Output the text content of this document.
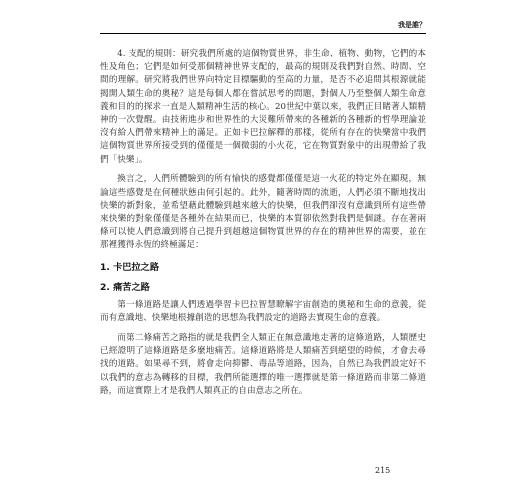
我是誰？

4. 支配的規則：研究我們所處的這個物質世界，非生命、植物、動物，它們的本性及角色；它們是如何受那個精神世界支配的，最高的規則及我們對自然、時間、空間的理解。研究將我們世界向特定目標驅動的至高的力量，是否不必追問其根源就能揭開人類生命的奧秘？這是每個人都在嘗試思考的問題，對個人乃至整個人類生命意義和目的的探求一直是人類精神生活的核心。20世紀中葉以來，我們正目睹著人類精神的一次覺醒。由技術進步和世界性的大災難所帶來的各種新的各種新的哲學理論並沒有給人們帶來精神上的滿足。正如卡巴拉解釋的那樣，從所有存在的快樂當中我們這個物質世界所接受到的僅僅是一個微弱的小火花，它在物質對象中的出現帶給了我們「快樂」。

換言之，人們所體驗到的所有愉快的感覺都僅僅是這一火花的特定外在顯現，無論這些感覺是在何種狀態由何引起的。此外，隨著時間的流逝，人們必須不斷地找出快樂的新對象，並希望藉此體驗到越來越大的快樂，但我們卻沒有意識到所有這些帶來快樂的對象僅僅是各種外在結果而已，快樂的本質卻依然對我們是個謎。存在著兩條可以使人們意識到將自己提升到超越這個物質世界的存在的精神世界的需要，並在那裡獲得永恆的終極滿足：

1. 卡巴拉之路
2. 痛苦之路

第一條道路是讓人們透過學習卡巴拉智慧瞭解宇宙創造的奧秘和生命的意義，從而有意識地、快樂地根據創造的思想為我們設定的道路去實現生命的意義。

而第二條痛苦之路指的就是我們全人類正在無意識地走著的這條道路，人類歷史已經證明了這條道路是多麼地痛苦。這條道路將是人類痛苦到絕望的時候，才會去尋找的道路。如果尋不到，將會走向抑鬱、毒品等道路，因為，自然已為我們設定好不以我們的意志為轉移的目標，我們所能選擇的唯一選擇就是第一條道路而非第二條道路，而這實際上才是我們人類真正的自由意志之所在。

215
